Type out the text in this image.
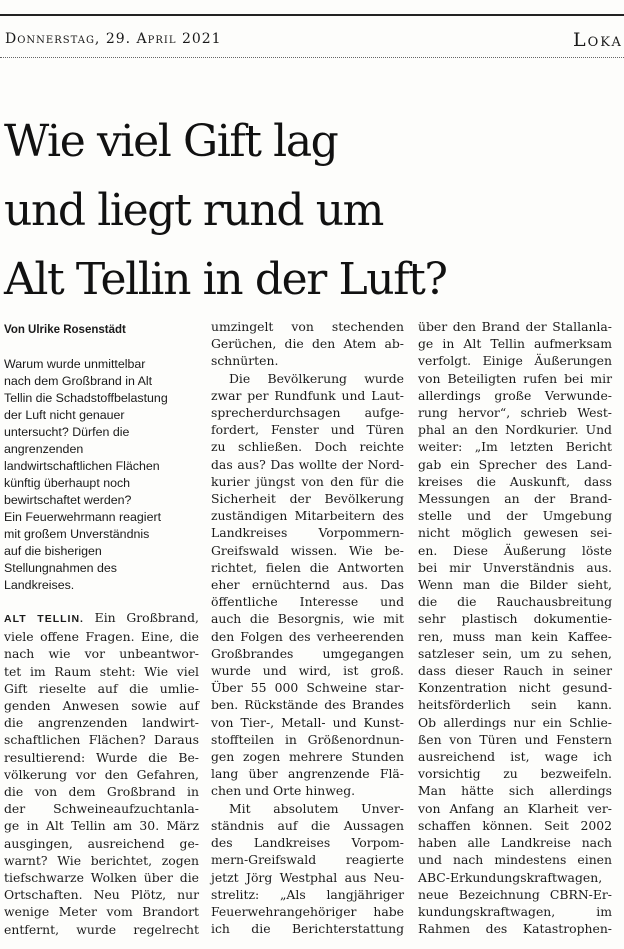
Donnerstag, 29. April 2021	Loka
Wie viel Gift lag
und liegt rund um
Alt Tellin in der Luft?
Von Ulrike Rosenstädt
Warum wurde unmittelbar
nach dem Großbrand in Alt
Tellin die Schadstoffbelastung
der Luft nicht genauer
untersucht? Dürfen die
angrenzenden
landwirtschaftlichen Flächen
künftig überhaupt noch
bewirtschaftet werden?
Ein Feuerwehrmann reagiert
mit großem Unverständnis
auf die bisherigen
Stellungnahmen des
Landkreises.
ALT TELLIN. Ein Großbrand,
viele offene Fragen. Eine, die
nach wie vor unbeantwor-
tet im Raum steht: Wie viel
Gift rieselte auf die umlie-
genden Anwesen sowie auf
die angrenzenden landwirt-
schaftlichen Flächen? Daraus
resultierend: Wurde die Be-
völkerung vor den Gefahren,
die von dem Großbrand in
der Schweineaufzuchtanla-
ge in Alt Tellin am 30. März
ausgingen, ausreichend ge-
warnt? Wie berichtet, zogen
tiefschwarze Wolken über die
Ortschaften. Neu Plötz, nur
wenige Meter vom Brandort
entfernt, wurde regelrecht
umzingelt von stechenden
Gerüchen, die den Atem ab-
schnürten.
Die Bevölkerung wurde
zwar per Rundfunk und Laut-
sprecherdurchsagen aufge-
fordert, Fenster und Türen
zu schließen. Doch reichte
das aus? Das wollte der Nord-
kurier jüngst von den für die
Sicherheit der Bevölkerung
zuständigen Mitarbeitern des
Landkreises Vorpommern-
Greifswald wissen. Wie be-
richtet, fielen die Antworten
eher ernüchternd aus. Das
öffentliche Interesse und
auch die Besorgnis, wie mit
den Folgen des verheerenden
Großbrandes umgegangen
wurde und wird, ist groß.
Über 55 000 Schweine star-
ben. Rückstände des Brandes
von Tier-, Metall- und Kunst-
stoffteilen in Größenordnun-
gen zogen mehrere Stunden
lang über angrenzende Flä-
chen und Orte hinweg.
Mit absolutem Unver-
ständnis auf die Aussagen
des Landkreises Vorpom-
mern-Greifswald reagierte
jetzt Jörg Westphal aus Neu-
strelitz: „Als langjähriger
Feuerwehrangehöriger habe
ich die Berichterstattung
über den Brand der Stallanla-
ge in Alt Tellin aufmerksam
verfolgt. Einige Äußerungen
von Beteiligten rufen bei mir
allerdings große Verwunde-
rung hervor“, schrieb West-
phal an den Nordkurier. Und
weiter: „Im letzten Bericht
gab ein Sprecher des Land-
kreises die Auskunft, dass
Messungen an der Brand-
stelle und der Umgebung
nicht möglich gewesen sei-
en. Diese Äußerung löste
bei mir Unverständnis aus.
Wenn man die Bilder sieht,
die die Rauchausbreitung
sehr plastisch dokumentie-
ren, muss man kein Kaffee-
satzleser sein, um zu sehen,
dass dieser Rauch in seiner
Konzentration nicht gesund-
heitsförderlich sein kann.
Ob allerdings nur ein Schlie-
ßen von Türen und Fenstern
ausreichend ist, wage ich
vorsichtig zu bezweifeln.
Man hätte sich allerdings
von Anfang an Klarheit ver-
schaffen können. Seit 2002
haben alle Landkreise nach
und nach mindestens einen
ABC-Erkundungskraftwagen,
neue Bezeichnung CBRN-Er-
kundungskraftwagen, im
Rahmen des Katastrophen-
